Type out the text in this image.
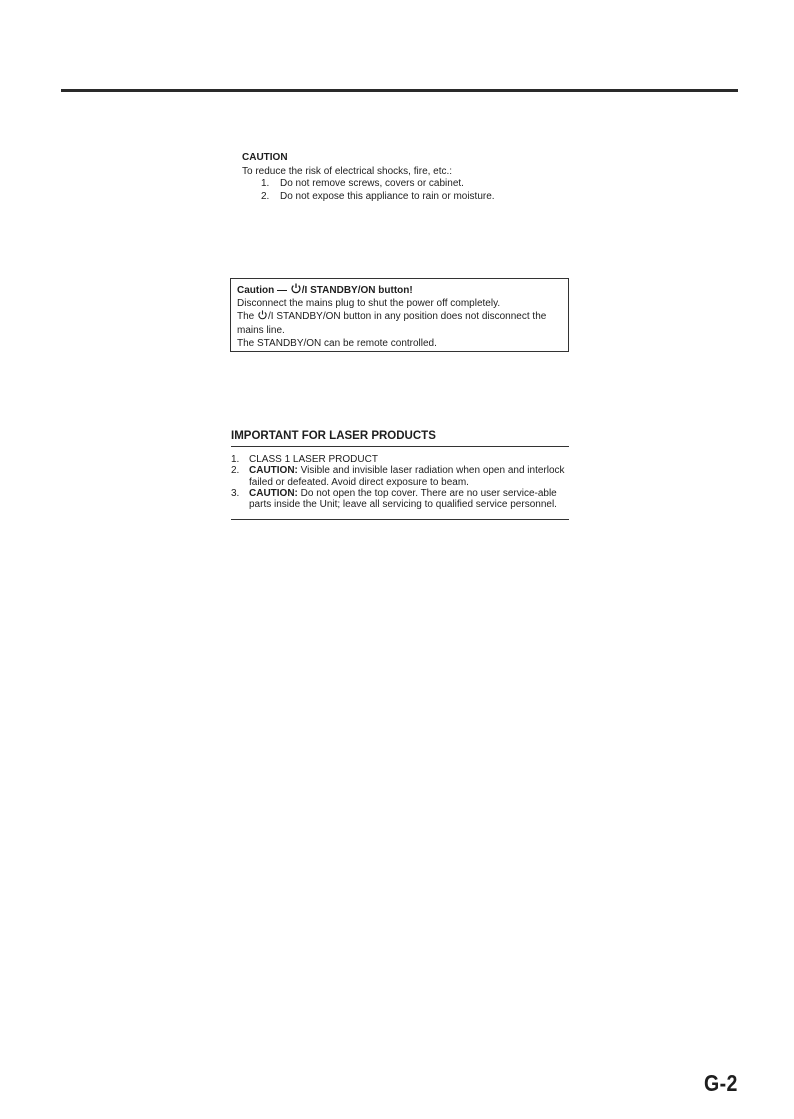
CAUTION
To reduce the risk of electrical shocks, fire, etc.:
1. Do not remove screws, covers or cabinet.
2. Do not expose this appliance to rain or moisture.
Caution — /I STANDBY/ON button!
Disconnect the mains plug to shut the power off completely.
The /I STANDBY/ON button in any position does not disconnect the mains line.
The STANDBY/ON can be remote controlled.
IMPORTANT FOR LASER PRODUCTS
1. CLASS 1 LASER PRODUCT
2. CAUTION: Visible and invisible laser radiation when open and interlock failed or defeated. Avoid direct exposure to beam.
3. CAUTION: Do not open the top cover. There are no user service-able parts inside the Unit; leave all servicing to qualified service personnel.
G-2
